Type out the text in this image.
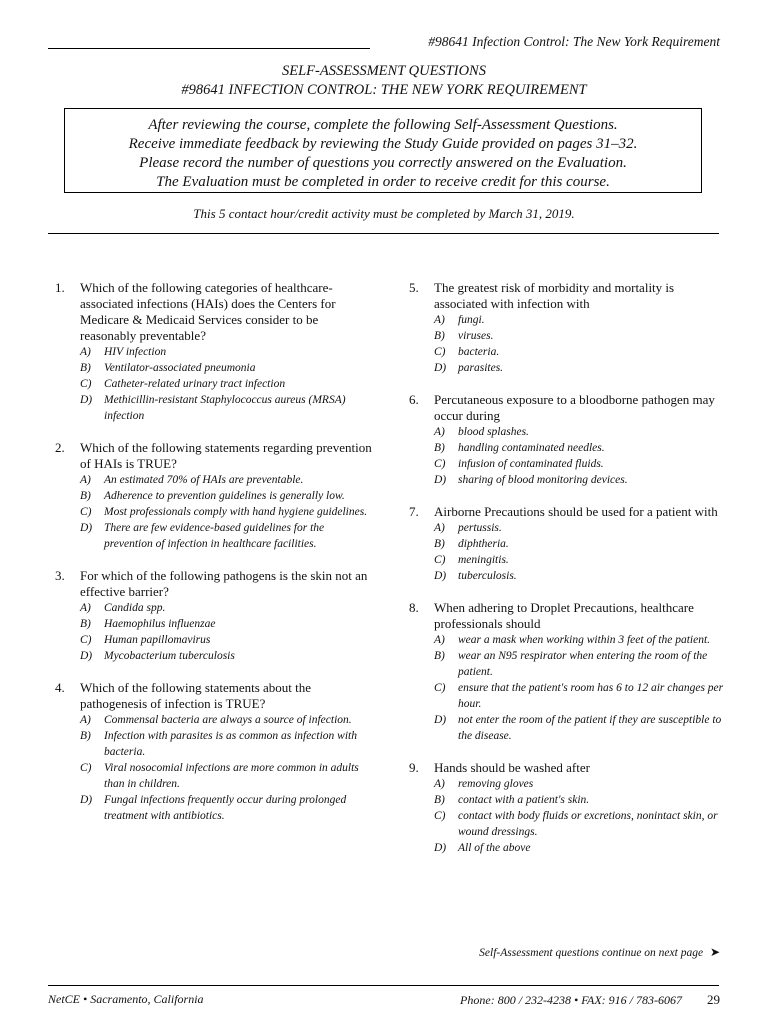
#98641 Infection Control: The New York Requirement
SELF-ASSESSMENT QUESTIONS
#98641 INFECTION CONTROL: THE NEW YORK REQUIREMENT
After reviewing the course, complete the following Self-Assessment Questions.
Receive immediate feedback by reviewing the Study Guide provided on pages 31–32.
Please record the number of questions you correctly answered on the Evaluation.
The Evaluation must be completed in order to receive credit for this course.
This 5 contact hour/credit activity must be completed by March 31, 2019.
1.	Which of the following categories of healthcare-associated infections (HAIs) does the Centers for Medicare & Medicaid Services consider to be reasonably preventable?
A)	HIV infection
B)	Ventilator-associated pneumonia
C)	Catheter-related urinary tract infection
D)	Methicillin-resistant Staphylococcus aureus (MRSA) infection
2.	Which of the following statements regarding prevention of HAIs is TRUE?
A)	An estimated 70% of HAIs are preventable.
B)	Adherence to prevention guidelines is generally low.
C)	Most professionals comply with hand hygiene guidelines.
D)	There are few evidence-based guidelines for the prevention of infection in healthcare facilities.
3.	For which of the following pathogens is the skin not an effective barrier?
A)	Candida spp.
B)	Haemophilus influenzae
C)	Human papillomavirus
D)	Mycobacterium tuberculosis
4.	Which of the following statements about the pathogenesis of infection is TRUE?
A)	Commensal bacteria are always a source of infection.
B)	Infection with parasites is as common as infection with bacteria.
C)	Viral nosocomial infections are more common in adults than in children.
D)	Fungal infections frequently occur during prolonged treatment with antibiotics.
5.	The greatest risk of morbidity and mortality is associated with infection with
A)	fungi.
B)	viruses.
C)	bacteria.
D)	parasites.
6.	Percutaneous exposure to a bloodborne pathogen may occur during
A)	blood splashes.
B)	handling contaminated needles.
C)	infusion of contaminated fluids.
D)	sharing of blood monitoring devices.
7.	Airborne Precautions should be used for a patient with
A)	pertussis.
B)	diphtheria.
C)	meningitis.
D)	tuberculosis.
8.	When adhering to Droplet Precautions, healthcare professionals should
A)	wear a mask when working within 3 feet of the patient.
B)	wear an N95 respirator when entering the room of the patient.
C)	ensure that the patient's room has 6 to 12 air changes per hour.
D)	not enter the room of the patient if they are susceptible to the disease.
9.	Hands should be washed after
A)	removing gloves
B)	contact with a patient's skin.
C)	contact with body fluids or excretions, nonintact skin, or wound dressings.
D)	All of the above
Self-Assessment questions continue on next page ➤
NetCE • Sacramento, California	Phone: 800 / 232-4238 • FAX: 916 / 783-6067 29
